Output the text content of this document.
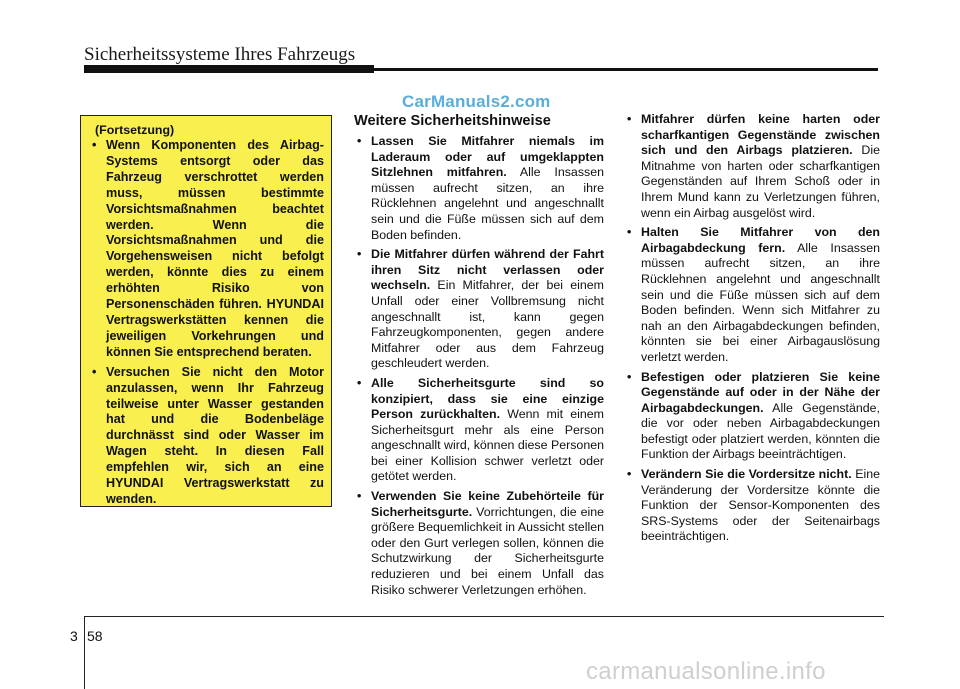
Sicherheitssysteme Ihres Fahrzeugs
CarManuals2.com
(Fortsetzung)
• Wenn Komponenten des Airbag-Systems entsorgt oder das Fahrzeug verschrottet werden muss, müssen bestimmte Vorsichtsmaßnahmen beachtet werden. Wenn die Vorsichtsmaßnahmen und die Vorgehensweisen nicht befolgt werden, könnte dies zu einem erhöhten Risiko von Personenschäden führen. HYUNDAI Vertragswerkstätten kennen die jeweiligen Vorkehrungen und können Sie entsprechend beraten.
• Versuchen Sie nicht den Motor anzulassen, wenn Ihr Fahrzeug teilweise unter Wasser gestanden hat und die Bodenbeläge durchnässt sind oder Wasser im Wagen steht. In diesen Fall empfehlen wir, sich an eine HYUNDAI Vertragswerkstatt zu wenden.
Weitere Sicherheitshinweise
• Lassen Sie Mitfahrer niemals im Laderaum oder auf umgeklappten Sitzlehnen mitfahren. Alle Insassen müssen aufrecht sitzen, an ihre Rücklehnen angelehnt und angeschnallt sein und die Füße müssen sich auf dem Boden befinden.
• Die Mitfahrer dürfen während der Fahrt ihren Sitz nicht verlassen oder wechseln. Ein Mitfahrer, der bei einem Unfall oder einer Vollbremsung nicht angeschnallt ist, kann gegen Fahrzeugkomponenten, gegen andere Mitfahrer oder aus dem Fahrzeug geschleudert werden.
• Alle Sicherheitsgurte sind so konzipiert, dass sie eine einzige Person zurückhalten. Wenn mit einem Sicherheitsgurt mehr als eine Person angeschnallt wird, können diese Personen bei einer Kollision schwer verletzt oder getötet werden.
• Verwenden Sie keine Zubehörteile für Sicherheitsgurte. Vorrichtungen, die eine größere Bequemlichkeit in Aussicht stellen oder den Gurt verlegen sollen, können die Schutzwirkung der Sicherheitsgurte reduzieren und bei einem Unfall das Risiko schwerer Verletzungen erhöhen.
• Mitfahrer dürfen keine harten oder scharfkantigen Gegenstände zwischen sich und den Airbags platzieren. Die Mitnahme von harten oder scharfkantigen Gegenständen auf Ihrem Schoß oder in Ihrem Mund kann zu Verletzungen führen, wenn ein Airbag ausgelöst wird.
• Halten Sie Mitfahrer von den Airbagabdeckung fern. Alle Insassen müssen aufrecht sitzen, an ihre Rücklehnen angelehnt und angeschnallt sein und die Füße müssen sich auf dem Boden befinden. Wenn sich Mitfahrer zu nah an den Airbagabdeckungen befinden, könnten sie bei einer Airbagauslösung verletzt werden.
• Befestigen oder platzieren Sie keine Gegenstände auf oder in der Nähe der Airbagabdeckungen. Alle Gegenstände, die vor oder neben Airbagabdeckungen befestigt oder platziert werden, könnten die Funktion der Airbags beeinträchtigen.
• Verändern Sie die Vordersitze nicht. Eine Veränderung der Vordersitze könnte die Funktion der Sensor-Komponenten des SRS-Systems oder der Seitenairbags beeinträchtigen.
3 58
carmanualsonline.info
